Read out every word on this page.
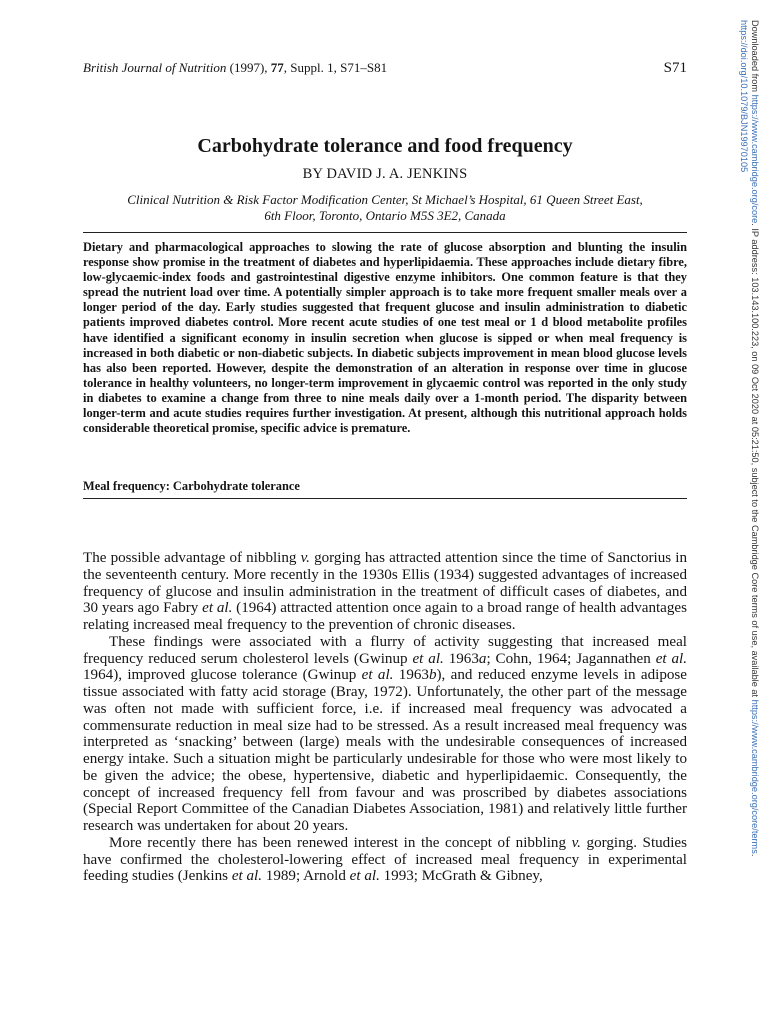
British Journal of Nutrition (1997), 77, Suppl. 1, S71–S81	S71
Carbohydrate tolerance and food frequency
BY DAVID J. A. JENKINS
Clinical Nutrition & Risk Factor Modification Center, St Michael’s Hospital, 61 Queen Street East,
6th Floor, Toronto, Ontario M5S 3E2, Canada
Dietary and pharmacological approaches to slowing the rate of glucose absorption and blunting the insulin response show promise in the treatment of diabetes and hyperlipidaemia. These approaches include dietary fibre, low-glycaemic-index foods and gastrointestinal digestive enzyme inhibitors. One common feature is that they spread the nutrient load over time. A potentially simpler approach is to take more frequent smaller meals over a longer period of the day. Early studies suggested that frequent glucose and insulin administration to diabetic patients improved diabetes control. More recent acute studies of one test meal or 1 d blood metabolite profiles have identified a significant economy in insulin secretion when glucose is sipped or when meal frequency is increased in both diabetic or non-diabetic subjects. In diabetic subjects improvement in mean blood glucose levels has also been reported. However, despite the demonstration of an alteration in response over time in glucose tolerance in healthy volunteers, no longer-term improvement in glycaemic control was reported in the only study in diabetes to examine a change from three to nine meals daily over a 1-month period. The disparity between longer-term and acute studies requires further investigation. At present, although this nutritional approach holds considerable theoretical promise, specific advice is premature.
Meal frequency: Carbohydrate tolerance

The possible advantage of nibbling v. gorging has attracted attention since the time of Sanctorius in the seventeenth century. More recently in the 1930s Ellis (1934) suggested advantages of increased frequency of glucose and insulin administration in the treatment of difficult cases of diabetes, and 30 years ago Fabry et al. (1964) attracted attention once again to a broad range of health advantages relating increased meal frequency to the prevention of chronic diseases.

These findings were associated with a flurry of activity suggesting that increased meal frequency reduced serum cholesterol levels (Gwinup et al. 1963a; Cohn, 1964; Jagannathen et al. 1964), improved glucose tolerance (Gwinup et al. 1963b), and reduced enzyme levels in adipose tissue associated with fatty acid storage (Bray, 1972). Unfortunately, the other part of the message was often not made with sufficient force, i.e. if increased meal frequency was advocated a commensurate reduction in meal size had to be stressed. As a result increased meal frequency was interpreted as ‘snacking’ between (large) meals with the undesirable consequences of increased energy intake. Such a situation might be particularly undesirable for those who were most likely to be given the advice; the obese, hypertensive, diabetic and hyperlipidaemic. Consequently, the concept of increased frequency fell from favour and was proscribed by diabetes associations (Special Report Committee of the Canadian Diabetes Association, 1981) and relatively little further research was undertaken for about 20 years.

More recently there has been renewed interest in the concept of nibbling v. gorging. Studies have confirmed the cholesterol-lowering effect of increased meal frequency in experimental feeding studies (Jenkins et al. 1989; Arnold et al. 1993; McGrath & Gibney,

Downloaded from https://www.cambridge.org/core. IP address: 103.143.100.223, on 09 Oct 2020 at 05:21:50, subject to the Cambridge Core terms of use, available at https://www.cambridge.org/core/terms.
https://doi.org/10.1079/BJN19970105
